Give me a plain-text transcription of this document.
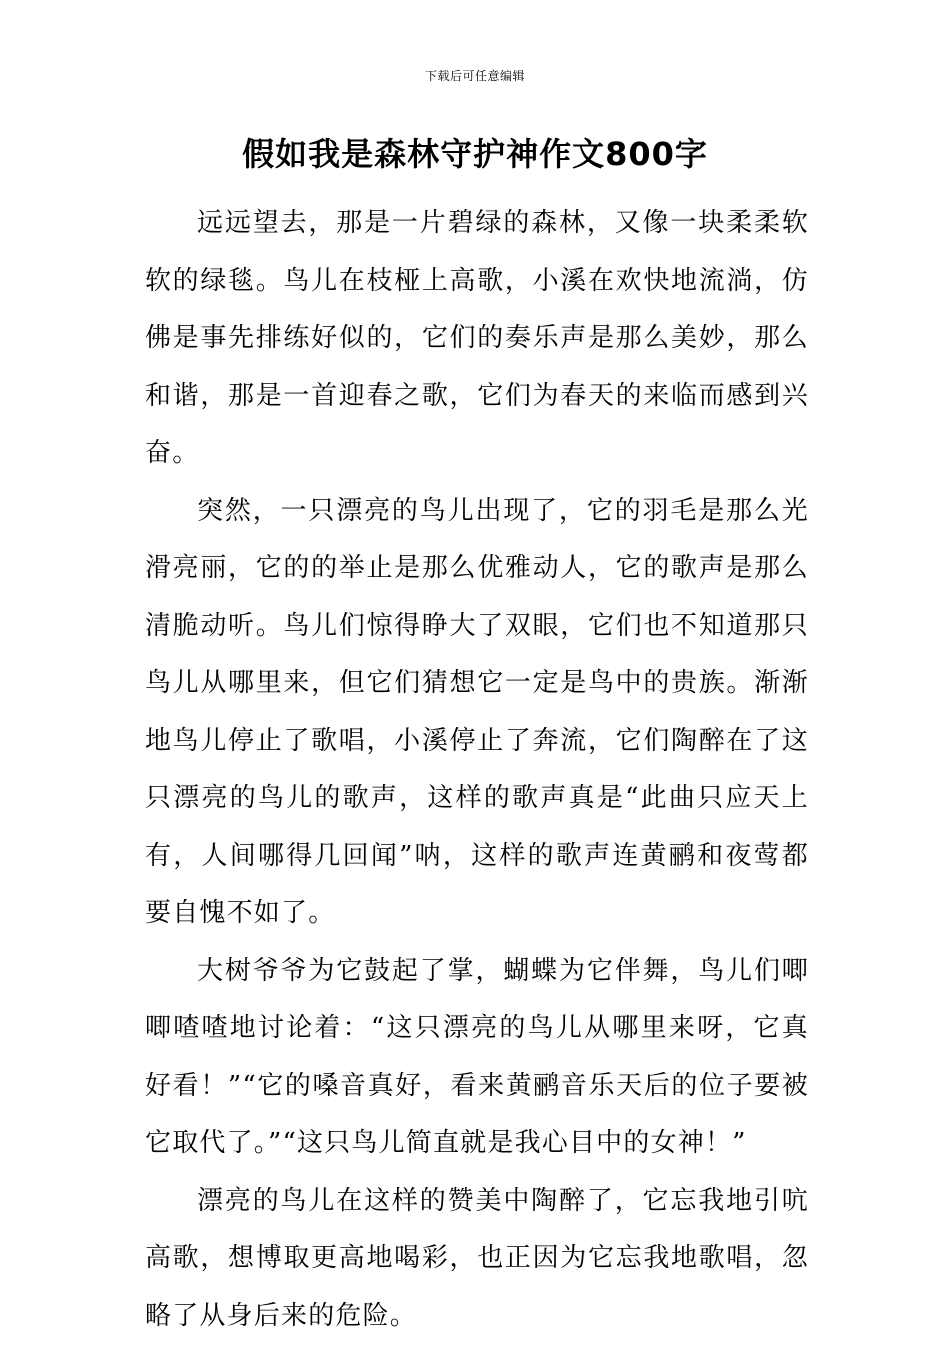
下载后可任意编辑
假如我是森林守护神作文800字

远远望去，那是一片碧绿的森林，又像一块柔柔软软的绿毯。鸟儿在枝桠上高歌，小溪在欢快地流淌，仿佛是事先排练好似的，它们的奏乐声是那么美妙，那么和谐，那是一首迎春之歌，它们为春天的来临而感到兴奋。

突然，一只漂亮的鸟儿出现了，它的羽毛是那么光滑亮丽，它的的举止是那么优雅动人，它的歌声是那么清脆动听。鸟儿们惊得睁大了双眼，它们也不知道那只鸟儿从哪里来，但它们猜想它一定是鸟中的贵族。渐渐地鸟儿停止了歌唱，小溪停止了奔流，它们陶醉在了这只漂亮的鸟儿的歌声，这样的歌声真是“此曲只应天上有，人间哪得几回闻”呐，这样的歌声连黄鹂和夜莺都要自愧不如了。

大树爷爷为它鼓起了掌，蝴蝶为它伴舞，鸟儿们唧唧喳喳地讨论着：“这只漂亮的鸟儿从哪里来呀，它真好看！”“它的嗓音真好，看来黄鹂音乐天后的位子要被它取代了。”“这只鸟儿简直就是我心目中的女神！”

漂亮的鸟儿在这样的赞美中陶醉了，它忘我地引吭高歌，想博取更高地喝彩，也正因为它忘我地歌唱，忽略了从身后来的危险。
